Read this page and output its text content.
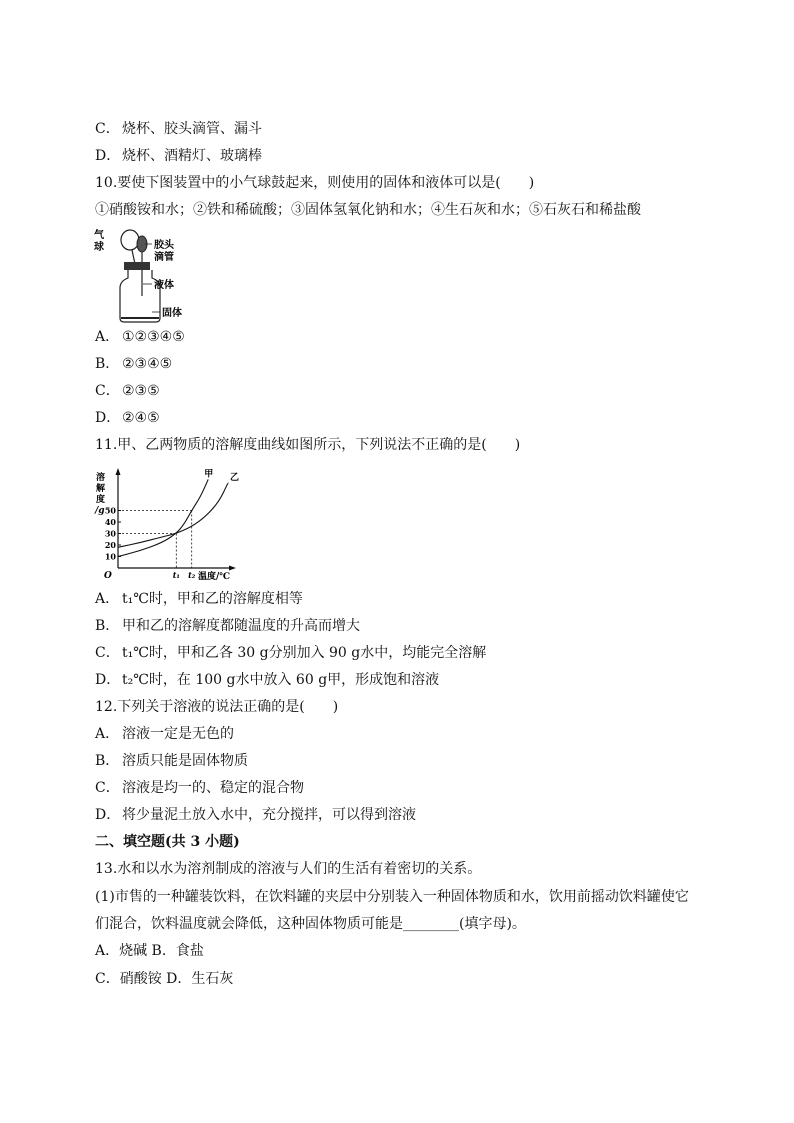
C． 烧杯、胶头滴管、漏斗
D． 烧杯、酒精灯、玻璃棒
10.要使下图装置中的小气球鼓起来，则使用的固体和液体可以是(　　)
①硝酸铵和水；②铁和稀硫酸；③固体氢氧化钠和水；④生石灰和水；⑤石灰石和稀盐酸
气
球	胶头
滴管
液体
固体
A． ①②③④⑤
B． ②③④⑤
C． ②③⑤
D． ②④⑤
11.甲、乙两物质的溶解度曲线如图所示，下列说法不正确的是(　　)
溶
解
度
/g
O	温度/℃
10
20
30
40
50
t₁ t₂
甲 乙
A． t₁℃时，甲和乙的溶解度相等
B． 甲和乙的溶解度都随温度的升高而增大
C． t₁℃时，甲和乙各 30 g分别加入 90 g水中，均能完全溶解
D． t₂℃时，在 100 g水中放入 60 g甲，形成饱和溶液
12.下列关于溶液的说法正确的是(　　)
A． 溶液一定是无色的
B． 溶质只能是固体物质
C． 溶液是均一的、稳定的混合物
D． 将少量泥土放入水中，充分搅拌，可以得到溶液
二、填空题(共 3 小题)
13.水和以水为溶剂制成的溶液与人们的生活有着密切的关系。
(1)市售的一种罐装饮料，在饮料罐的夹层中分别装入一种固体物质和水，饮用前摇动饮料罐使它
们混合，饮料温度就会降低，这种固体物质可能是________(填字母)。
A．烧碱 B．食盐
C．硝酸铵 D．生石灰
